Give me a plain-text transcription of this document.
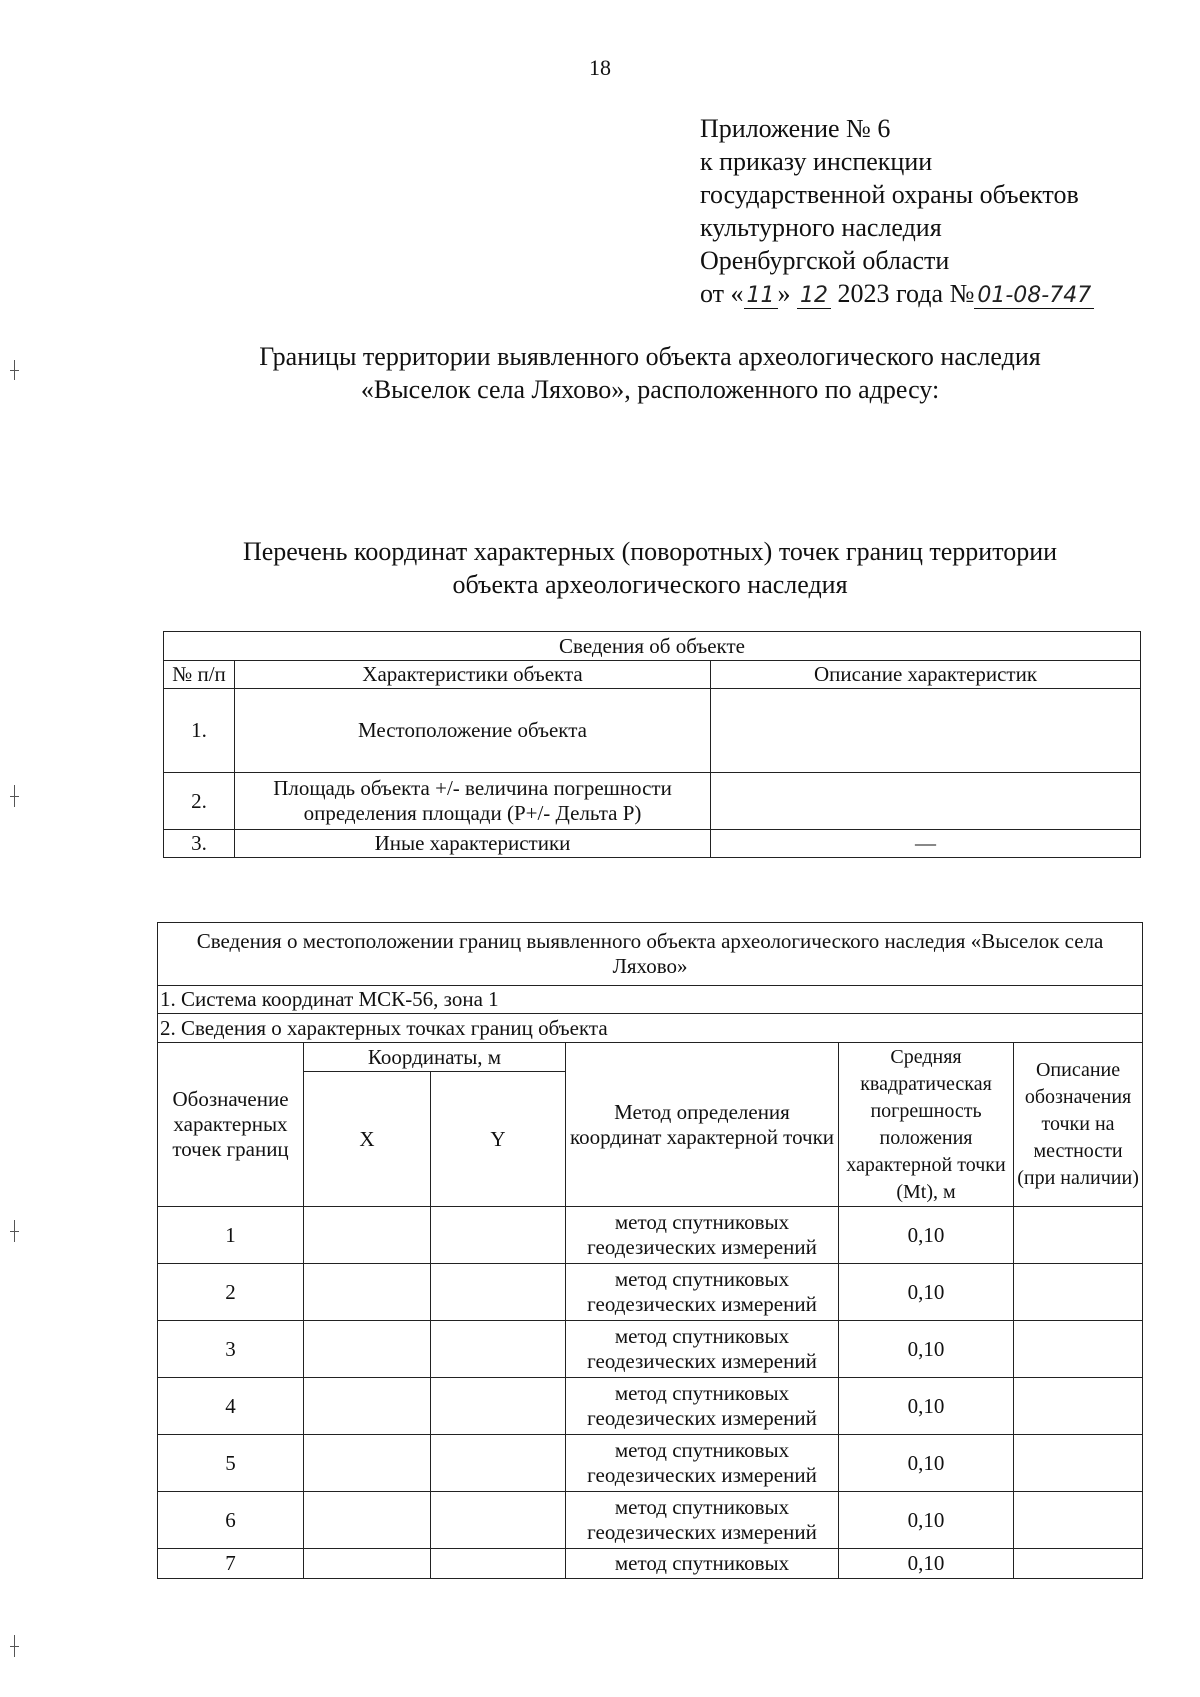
18
Приложение № 6
к приказу инспекции
государственной охраны объектов
культурного наследия
Оренбургской области
от « 11 » 12 2023 года № 01-08-747
Границы территории выявленного объекта археологического наследия
«Выселок села Ляхово», расположенного по адресу:
Перечень координат характерных (поворотных) точек границ территории
объекта археологического наследия
Сведения об объекте		
№ п/п	Характеристики объекта	Описание характеристик
1.	Местоположение объекта	
2.	Площадь объекта +/- величина погрешности определения площади (P+/- Дельта P)	
3.	Иные характеристики	—
Сведения о местоположении границ выявленного объекта археологического наследия «Выселок села Ляхово»					
1. Система координат МСК-56, зона 1					
2. Сведения о характерных точках границ объекта					
Обозначение характерных точек границ	Координаты, м		Метод определения координат характерной точки	Средняя квадратическая погрешность положения характерной точки (Mt), м	Описание обозначения точки на местности (при наличии)
	X	Y			
1			метод спутниковых геодезических измерений	0,10	
2			метод спутниковых геодезических измерений	0,10	
3			метод спутниковых геодезических измерений	0,10	
4			метод спутниковых геодезических измерений	0,10	
5			метод спутниковых геодезических измерений	0,10	
6			метод спутниковых геодезических измерений	0,10	
7			метод спутниковых	0,10	
